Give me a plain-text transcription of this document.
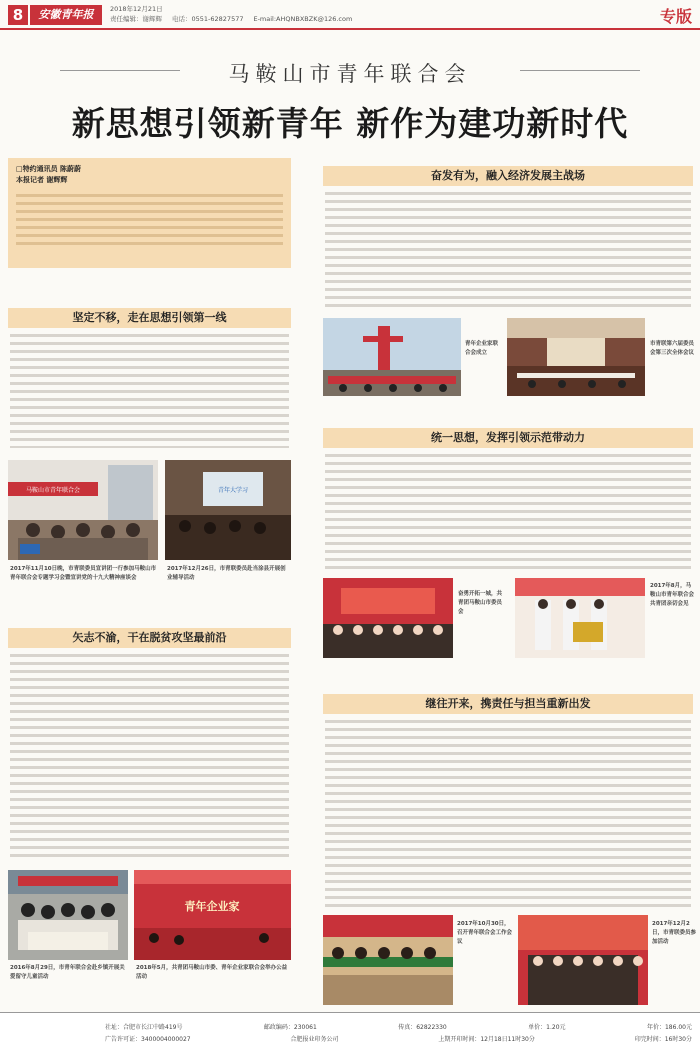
8	安徽青年报	2018年12月21日
责任编辑：谢辉辉 电话：0551-62827577 E-mail:AHQNBXBZK@126.com	专版
马鞍山市青年联合会
新思想引领新青年 新作为建功新时代
□特约通讯员 陈蔚蔚
本报记者 谢辉辉
坚定不移，走在思想引领第一线
马鞍山市青年联合会	青年大学习
2017年11月10日晚，市青联委员宣讲团一行参加马鞍山市青年联合会专题学习会暨宣讲党的十九大精神座谈会
2017年12月26日，市青联委员赴当涂县开展创业辅导活动
矢志不渝，干在脱贫攻坚最前沿
青年企业家
2016年8月29日，市青年联合会赴乡镇开展关爱留守儿童活动
2018年5月，共青团马鞍山市委、青年企业家联合会举办公益活动
奋发有为，融入经济发展主战场
青年企业家联合会成立
市青联第六届委员会第三次全体会议
统一思想，发挥引领示范带动力
奋勇开拓一城，共青团马鞍山市委员会
2017年8月，马鞍山市青年联合会共青团亲切会见
继往开来，携责任与担当重新出发
2017年10月30日，召开青年联合会工作会议
2017年12月2日，市青联委员参加活动
社址：合肥市长江中路419号	邮政编码：230061	传真：62822330	单价：1.20元	年价：186.00元
广告许可证：3400004000027	合肥报业印务公司	上期开印时间：12月18日11时30分	印完时间：16时30分
